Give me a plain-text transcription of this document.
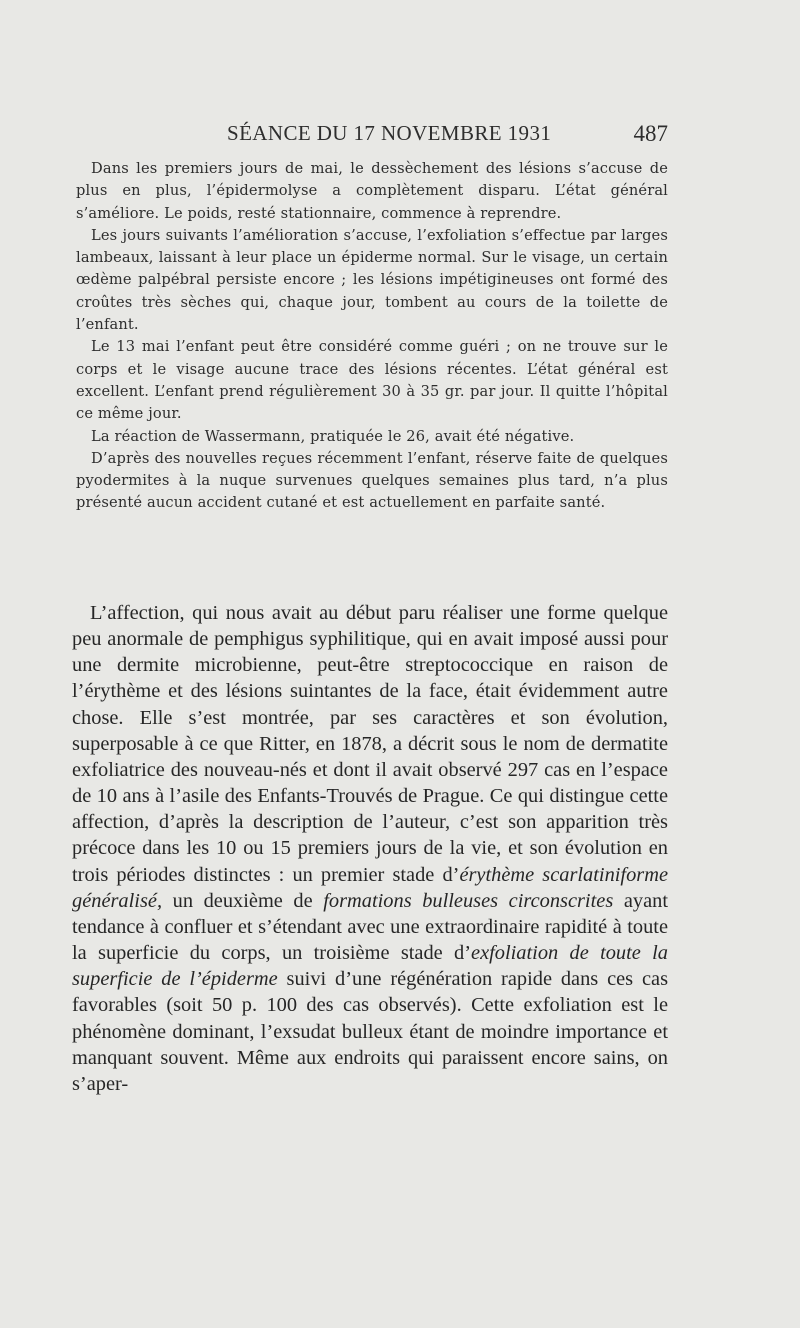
SÉANCE DU 17 NOVEMBRE 1931	487

Dans les premiers jours de mai, le dessèchement des lésions s’accuse de plus en plus, l’épidermolyse a complètement disparu. L’état général s’améliore. Le poids, resté stationnaire, commence à reprendre.

Les jours suivants l’amélioration s’accuse, l’exfoliation s’effectue par larges lambeaux, laissant à leur place un épiderme normal. Sur le visage, un certain œdème palpébral persiste encore ; les lésions impétigineuses ont formé des croûtes très sèches qui, chaque jour, tombent au cours de la toilette de l’enfant.

Le 13 mai l’enfant peut être considéré comme guéri ; on ne trouve sur le corps et le visage aucune trace des lésions récentes. L’état général est excellent. L’enfant prend régulièrement 30 à 35 gr. par jour. Il quitte l’hôpital ce même jour.

La réaction de Wassermann, pratiquée le 26, avait été négative.

D’après des nouvelles reçues récemment l’enfant, réserve faite de quelques pyodermites à la nuque survenues quelques semaines plus tard, n’a plus présenté aucun accident cutané et est actuellement en parfaite santé.

L’affection, qui nous avait au début paru réaliser une forme quelque peu anormale de pemphigus syphilitique, qui en avait imposé aussi pour une dermite microbienne, peut-être streptococcique en raison de l’érythème et des lésions suintantes de la face, était évidemment autre chose. Elle s’est montrée, par ses caractères et son évolution, superposable à ce que Ritter, en 1878, a décrit sous le nom de dermatite exfoliatrice des nouveau-nés et dont il avait observé 297 cas en l’espace de 10 ans à l’asile des Enfants-Trouvés de Prague. Ce qui distingue cette affection, d’après la description de l’auteur, c’est son apparition très précoce dans les 10 ou 15 premiers jours de la vie, et son évolution en trois périodes distinctes : un premier stade d’érythème scarlatiniforme généralisé, un deuxième de formations bulleuses circonscrites ayant tendance à confluer et s’étendant avec une extraordinaire rapidité à toute la superficie du corps, un troisième stade d’exfoliation de toute la superficie de l’épiderme suivi d’une régénération rapide dans ces cas favorables (soit 50 p. 100 des cas observés). Cette exfoliation est le phénomène dominant, l’exsudat bulleux étant de moindre importance et manquant souvent. Même aux endroits qui paraissent encore sains, on s’aper-
